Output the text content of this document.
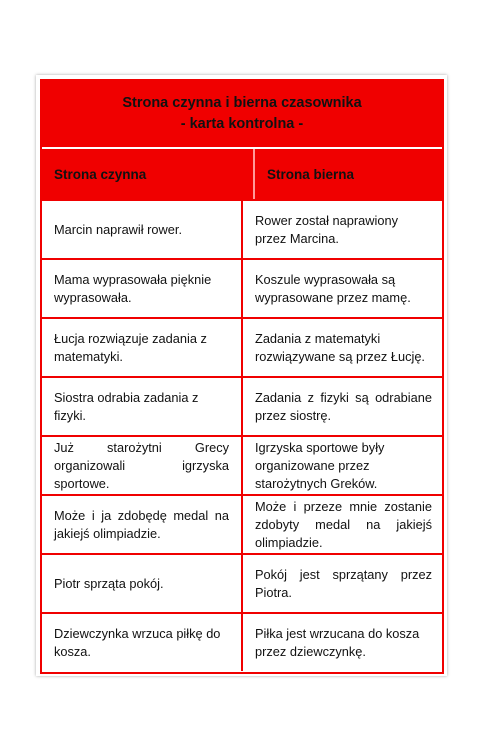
Strona czynna i bierna czasownika
- karta kontrolna -
Strona czynna	Strona bierna
Marcin naprawił rower.
Rower został naprawiony przez Marcina.
Mama wyprasowała pięknie wyprasowała.
Koszule wyprasowała są wyprasowane przez mamę.
Łucja rozwiązuje zadania z matematyki.
Zadania z matematyki rozwiązywane są przez Łucję.
Siostra odrabia zadania z fizyki.
Zadania z fizyki są odrabiane przez siostrę.
Już starożytni Grecy organizowali igrzyska sportowe.
Igrzyska sportowe były organizowane przez starożytnych Greków.
Może i ja zdobędę medal na jakiejś olimpiadzie.
Może i przeze mnie zostanie zdobyty medal na jakiejś olimpiadzie.
Piotr sprząta pokój.
Pokój jest sprzątany przez Piotra.
Dziewczynka wrzuca piłkę do kosza.
Piłka jest wrzucana do kosza przez dziewczynkę.
